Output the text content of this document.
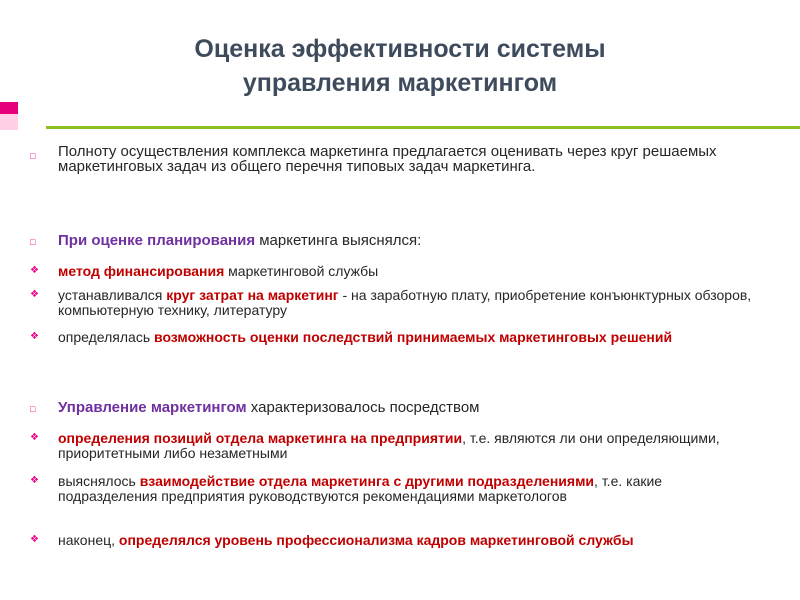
Оценка эффективности системы
управления маркетингом
□ Полноту осуществления комплекса маркетинга предлагается оценивать через круг решаемых маркетинговых задач из общего перечня типовых задач маркетинга.
□ При оценке планирования маркетинга выяснялся:
❖ метод финансирования маркетинговой службы
❖ устанавливался круг затрат на маркетинг - на заработную плату, приобретение конъюнктурных обзоров, компьютерную технику, литературу
❖ определялась возможность оценки последствий принимаемых маркетинговых решений
□ Управление маркетингом характеризовалось посредством
❖ определения позиций отдела маркетинга на предприятии, т.е. являются ли они определяющими, приоритетными либо незаметными
❖ выяснялось взаимодействие отдела маркетинга с другими подразделениями, т.е. какие подразделения предприятия руководствуются рекомендациями маркетологов
❖ наконец, определялся уровень профессионализма кадров маркетинговой службы
